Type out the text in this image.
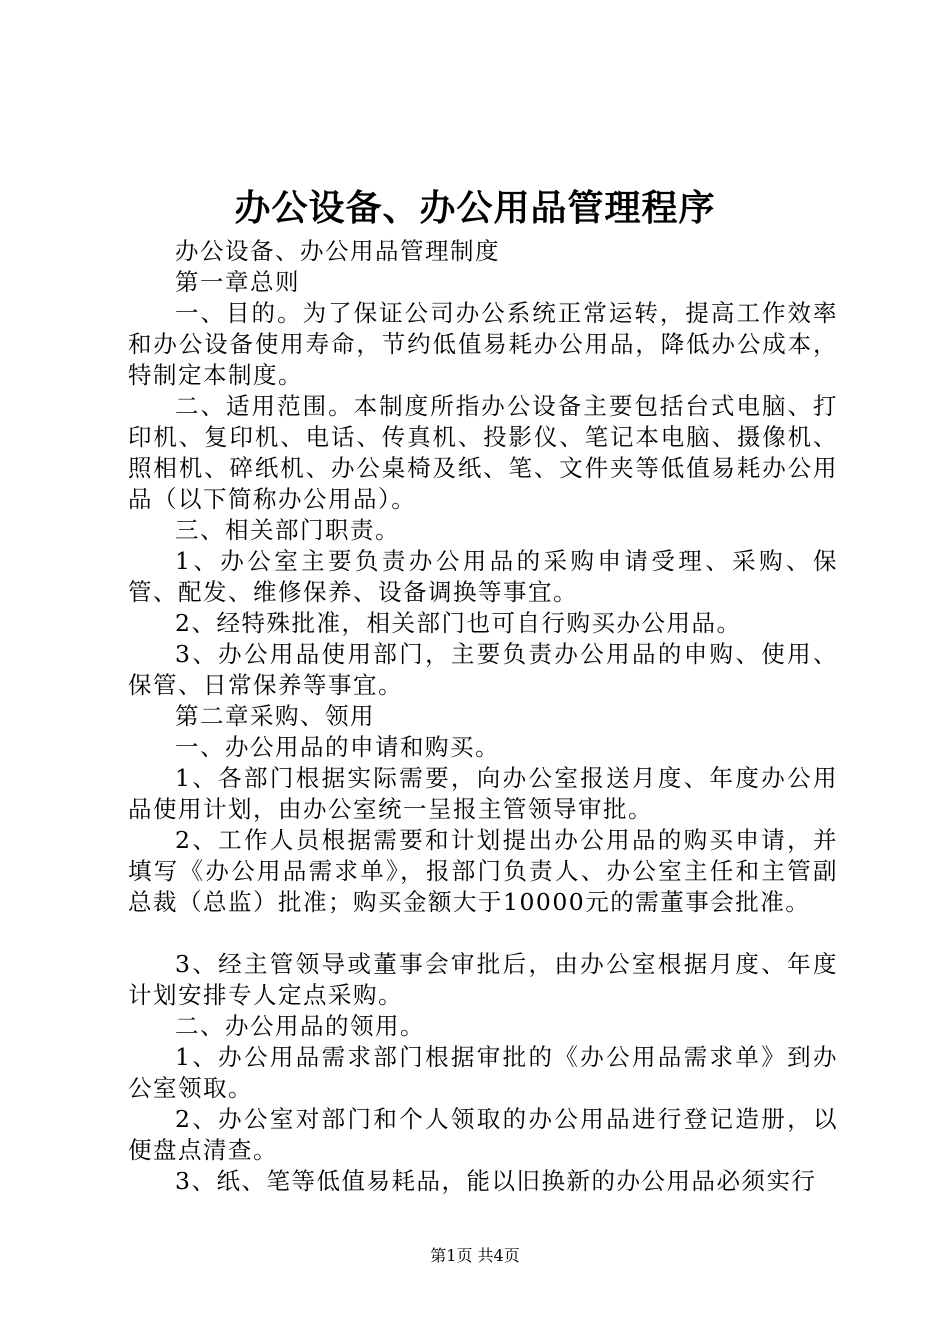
办公设备、办公用品管理程序

办公设备、办公用品管理制度

第一章总则

一、目的。为了保证公司办公系统正常运转，提高工作效率和办公设备使用寿命，节约低值易耗办公用品，降低办公成本，特制定本制度。

二、适用范围。本制度所指办公设备主要包括台式电脑、打印机、复印机、电话、传真机、投影仪、笔记本电脑、摄像机、照相机、碎纸机、办公桌椅及纸、笔、文件夹等低值易耗办公用品（以下简称办公用品）。

三、相关部门职责。

1、办公室主要负责办公用品的采购申请受理、采购、保管、配发、维修保养、设备调换等事宜。

2、经特殊批准，相关部门也可自行购买办公用品。

3、办公用品使用部门，主要负责办公用品的申购、使用、保管、日常保养等事宜。

第二章采购、领用

一、办公用品的申请和购买。

1、各部门根据实际需要，向办公室报送月度、年度办公用品使用计划，由办公室统一呈报主管领导审批。

2、工作人员根据需要和计划提出办公用品的购买申请，并填写《办公用品需求单》，报部门负责人、办公室主任和主管副总裁（总监）批准；购买金额大于10000元的需董事会批准。

3、经主管领导或董事会审批后，由办公室根据月度、年度计划安排专人定点采购。

二、办公用品的领用。

1、办公用品需求部门根据审批的《办公用品需求单》到办公室领取。

2、办公室对部门和个人领取的办公用品进行登记造册，以便盘点清查。

3、纸、笔等低值易耗品，能以旧换新的办公用品必须实行

第1页 共4页
